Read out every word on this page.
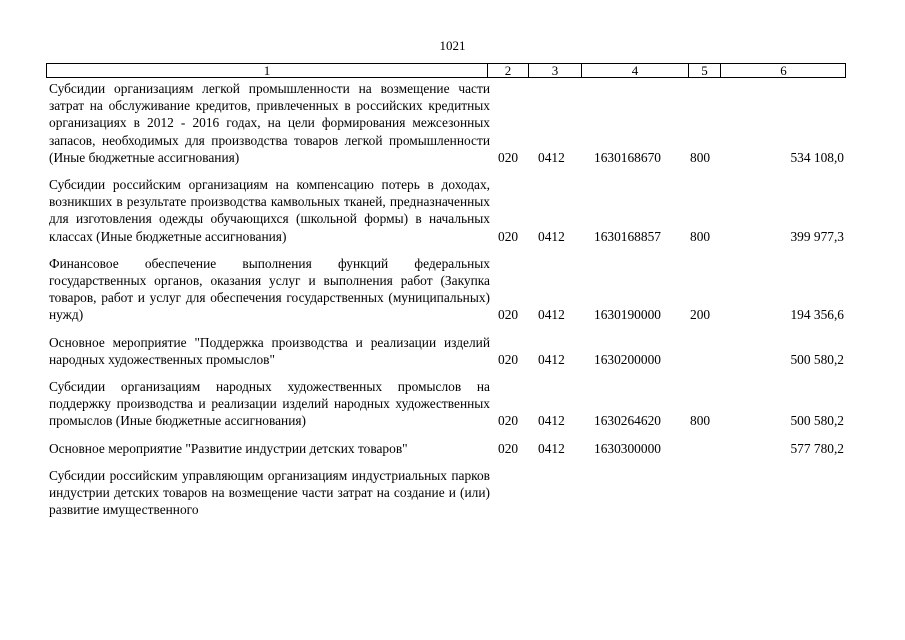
1021
1	2	3	4	5	6
Субсидии организациям легкой промышленности на возмещение части затрат на обслуживание кредитов, привлеченных в российских кредитных организациях в 2012 - 2016 годах, на цели формирования межсезонных запасов, необходимых для производства товаров легкой промышленности (Иные бюджетные ассигнования)	020 0412 1630168670 800	534 108,0
Субсидии российским организациям на компенсацию потерь в доходах, возникших в результате производства камвольных тканей, предназначенных для изготовления одежды обучающихся (школьной формы) в начальных классах (Иные бюджетные ассигнования)	020 0412 1630168857 800	399 977,3
Финансовое обеспечение выполнения функций федеральных государственных органов, оказания услуг и выполнения работ (Закупка товаров, работ и услуг для обеспечения государственных (муниципальных) нужд)	020 0412 1630190000 200	194 356,6
Основное мероприятие "Поддержка производства и реализации изделий народных художественных промыслов"	020 0412 1630200000	500 580,2
Субсидии организациям народных художественных промыслов на поддержку производства и реализации изделий народных художественных промыслов (Иные бюджетные ассигнования)	020 0412 1630264620 800	500 580,2
Основное мероприятие "Развитие индустрии детских товаров"	020 0412 1630300000	577 780,2
Субсидии российским управляющим организациям индустриальных парков индустрии детских товаров на возмещение части затрат на создание и (или) развитие имущественного
